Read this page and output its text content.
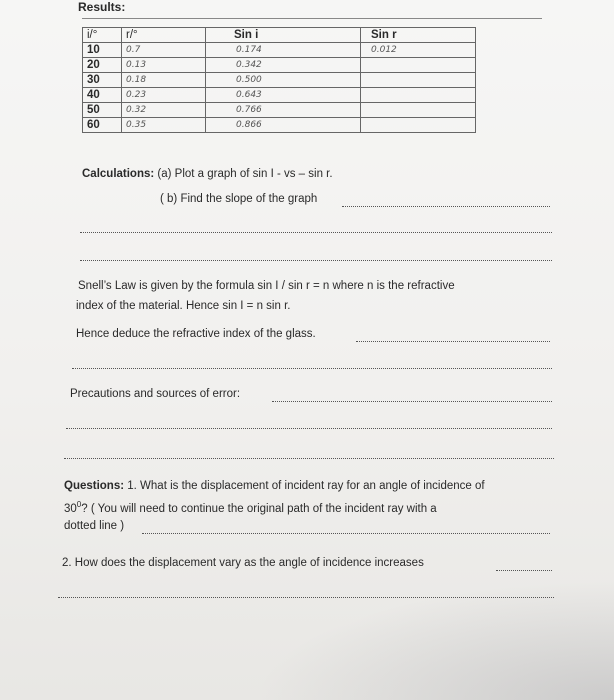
Results:
i/°	r/°	Sin i	Sin r
10	0.7	0.174	0.012
20	0.13	0.342	
30	0.18	0.500	
40	0.23	0.643	
50	0.32	0.766	
60	0.35	0.866	
Calculations: (a) Plot a graph of sin I - vs – sin r.
( b) Find the slope of the graph
Snell’s Law is given by the formula sin I / sin r = n where n is the refractive
index of the material. Hence sin I = n sin r.
Hence deduce the refractive index of the glass.
Precautions and sources of error:
Questions: 1. What is the displacement of incident ray for an angle of incidence of
$30^0$? ( You will need to continue the original path of the incident ray with a
dotted line )
2. How does the displacement vary as the angle of incidence increases
